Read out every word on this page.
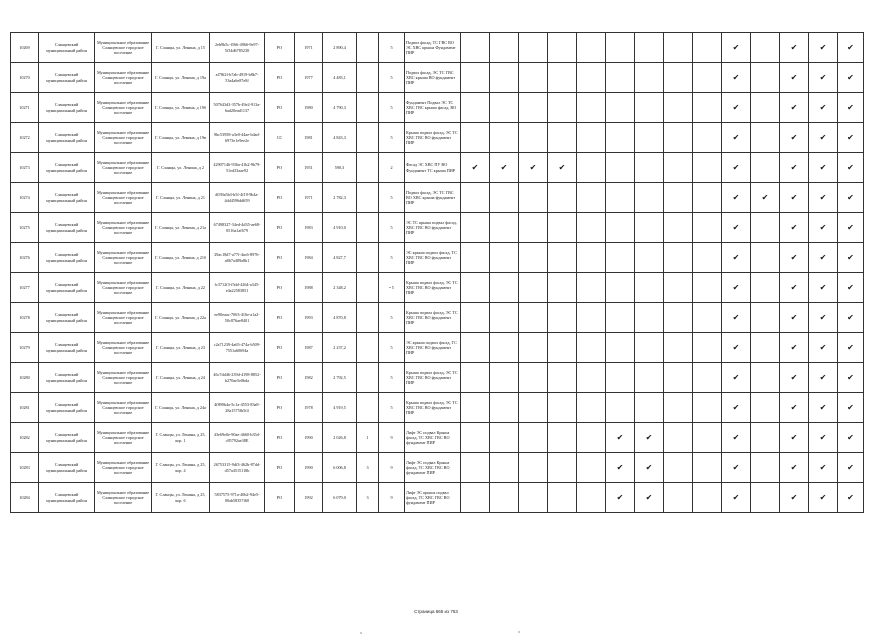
10269	Сланцевский муниципальный район	Муниципальное образование Сланцевское городское поселение	Г. Сланцы, ул. Ленина, д 15	2eb9b5c-f566-4966-9e97-5f34d6785230	РО	1971	2 890,4		5	Подвал фасад, ТС ГВС ВО ЭС ХВС крыша Фундамент ПИР										✔		✔	✔	✔
10270	Сланцевский муниципальный район	Муниципальное образование Сланцевское городское поселение	Г. Сланцы, ул. Ленина, д 19а	af78f2f-b7ab-4919-b8b7-53a4a6e87e8f	РО	1977	4 483,1		5	Подвал фасад, ЭС ТС ГВС ХВС крыша ВО фундамент ПИР										✔		✔	✔	✔
10271	Сланцевский муниципальный район	Муниципальное образование Сланцевское городское поселение	Г. Сланцы, ул. Ленина, д 19б	507643d3-357b-49e2-913a-6ad20ead1137	РО	1980	4 790,3		5	Фундамент Подвал ЭС ТС ХВС ГВС крыша фасад, ВО ПИР										✔		✔	✔	✔
10272	Сланцевский муниципальный район	Муниципальное образование Сланцевское городское поселение	Г. Сланцы, ул. Ленина, д 19в	9bc53958-a3e0-44ae-b4ad-6973e1e9ee2e	СС	1981	4 843,3		5	Крыша подвал фасад, ЭС ТС ХВС ГВС ВО фундамент ПИР										✔		✔	✔	✔
10273	Сланцевский муниципальный район	Муниципальное образование Сланцевское городское поселение	Г. Сланцы, ул. Ленина, д 2	42907146-936a-41b2-9b79-51ed33aae92	РО	1951	590,3		2	Фасад ЭС ХВС ПУ ВО Фундамент ТС крыша ПИР	✔	✔	✔	✔						✔		✔	✔	✔
10274	Сланцевский муниципальный район	Муниципальное образование Сланцевское городское поселение	Г. Сланцы, ул. Ленина, д 21	d039a5b3-b5f-4f19-9b4a-4dd4596dd659	РО	1971	2 782,3		5	Подвал фасад, ЭС ТС ГВС ВО ХВС крыша фундамент ПИР										✔	✔	✔	✔	✔
10275	Сланцевский муниципальный район	Муниципальное образование Сланцевское городское поселение	Г. Сланцы, ул. Ленина, д 21а	67498327-34ed-4d35-ae68-0516a1af679	РО	1983	4 910,0		5	ЭС ТС крыша подвал фасад, ХВС ГВС ВО фундамент ПИР										✔		✔	✔	✔
10276	Сланцевский муниципальный район	Муниципальное образование Сланцевское городское поселение	Г. Сланцы, ул. Ленина, д 21б	29ac18d7-a77f-4ac6-8976-a867a489a8b1	РО	1984	4 827,7		5	ЭС крыша подвал фасад, ТС ХВС ГВС ВО фундамент ПИР										✔		✔	✔	✔
10277	Сланцевский муниципальный район	Муниципальное образование Сланцевское городское поселение	Г. Сланцы, ул. Ленина, д 22	fc3712f3-f5dd-4264-a345-e4a22583851	РО	1988	2 348,2		• 5	Крыша подвал фасад, ЭС ТС ХВС ГВС ВО фундамент ПИР										✔		✔	✔	✔
10278	Сланцевский муниципальный район	Муниципальное образование Сланцевское городское поселение	Г. Сланцы, ул. Ленина, д 22а	ee90eaac-7063-416e-a1a2-50c876ae8401	РО	1993	4 870,8		5	Крыша подвал фасад, ЭС ТС ХВС ГВС ВО фундамент ПИР										✔		✔	✔	✔
10279	Сланцевский муниципальный район	Муниципальное образование Сланцевское городское поселение	Г. Сланцы, ул. Ленина, д 23	c2a71239-4a65-474a-b509-7551a60694a	РО	1987	2 237,2		5	ЭС крыша подвал фасад, ТС ХВС ГВС ВО фундамент ПИР										✔		✔	✔	✔
10280	Сланцевский муниципальный район	Муниципальное образование Сланцевское городское поселение	Г. Сланцы, ул. Ленина, д 24	46c7dd46-239d-4198-8852-b270ae5e0bda	РО	1982	2 792,5		5	Крыша подвал фасад, ЭС ТС ХВС ГВС ВО фундамент ПИР										✔		✔	✔	✔
10281	Сланцевский муниципальный район	Муниципальное образование Сланцевское городское поселение	Г. Сланцы, ул. Ленина, д 24а	4f890b4a-5c1a-4553-83a8-28a1575fb5f4	РО	1978	4 919,5		5	Крыша подвал фасад, ЭС ТС ХВС ГВС ВО фундамент ПИР										✔		✔	✔	✔
10282	Сланцевский муниципальный район	Муниципальное образование Сланцевское городское поселение	Г. Сланцы, ул. Ленина, д 25, кор. 1	43e69e0e-90ae-4660-b35d-c85792ae38E	РО	1990	2 026,8	1	9	Лифт ЭС подвал Крыша фасад, ТС ХВС ГВС ВО фундамент ПИР						✔	✔			✔		✔	✔	✔
10283	Сланцевский муниципальный район	Муниципальное образование Сланцевское городское поселение	Г. Сланцы, ул. Ленина, д 25, кор. 4	26753315-9df3-462b-87dd-d57a4515118b	РО	1990	6 006,8	3	9	Лифт ЭС подвал Крыша фасад, ТС ХВС ГВС ВО фундамент ПИР						✔	✔			✔		✔	✔	✔
10284	Сланцевский муниципальный район	Муниципальное образование Сланцевское городское поселение	Г. Сланцы, ул. Ленина, д 25, кор. 6	5837575-971a-40b2-94e5-00ab58357f60	РО	1992	6 079,0	3	9	Лифт ЭС крыша подвал фасад, ТС ХВС ГВС ВО фундамент ПИР						✔	✔			✔		✔	✔	✔
Страница 665 из 753
